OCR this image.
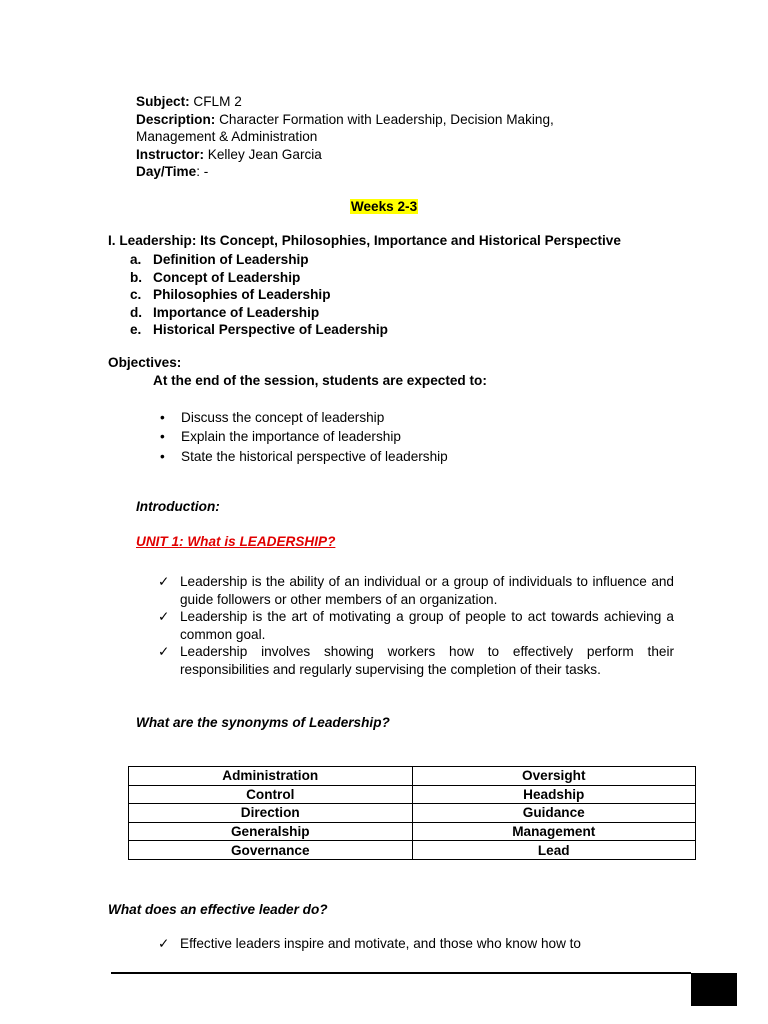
Subject: CFLM 2
Description: Character Formation with Leadership, Decision Making, Management & Administration
Instructor: Kelley Jean Garcia
Day/Time: -
Weeks 2-3
I. Leadership: Its Concept, Philosophies, Importance and Historical Perspective
a. Definition of Leadership
b. Concept of Leadership
c. Philosophies of Leadership
d. Importance of Leadership
e. Historical Perspective of Leadership
Objectives:
At the end of the session, students are expected to:
• Discuss the concept of leadership
• Explain the importance of leadership
• State the historical perspective of leadership
Introduction:
UNIT 1: What is LEADERSHIP?
✓ Leadership is the ability of an individual or a group of individuals to influence and guide followers or other members of an organization.
✓ Leadership is the art of motivating a group of people to act towards achieving a common goal.
✓ Leadership involves showing workers how to effectively perform their responsibilities and regularly supervising the completion of their tasks.
What are the synonyms of Leadership?
Administration	Oversight
Control	Headship
Direction	Guidance
Generalship	Management
Governance	Lead
What does an effective leader do?
✓ Effective leaders inspire and motivate, and those who know how to
